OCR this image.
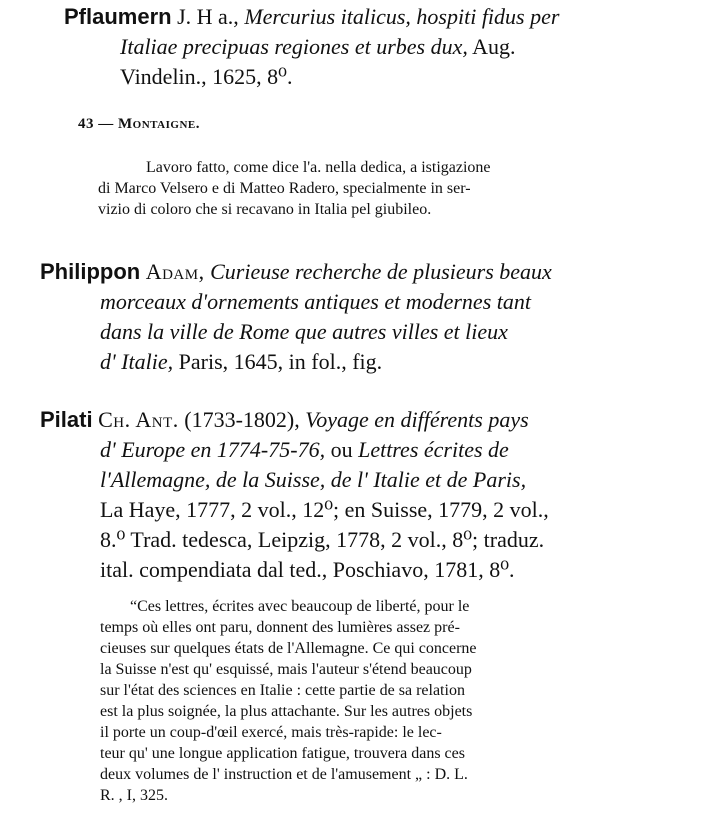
Pflaumern J. H a., Mercurius italicus, hospiti fidus per
Italiae precipuas regiones et urbes dux, Aug.
Vindelin., 1625, 8⁰.
43 — Montaigne.
Lavoro fatto, come dice l'a. nella dedica, a istigazione
di Marco Velsero e di Matteo Radero, specialmente in ser-
vizio di coloro che si recavano in Italia pel giubileo.
Philippon Adam, Curieuse recherche de plusieurs beaux
morceaux d'ornements antiques et modernes tant
dans la ville de Rome que autres villes et lieux
d' Italie, Paris, 1645, in fol., fig.
Pilati Ch. Ant. (1733-1802), Voyage en différents pays
d' Europe en 1774-75-76, ou Lettres écrites de
l'Allemagne, de la Suisse, de l' Italie et de Paris,
La Haye, 1777, 2 vol., 12⁰; en Suisse, 1779, 2 vol.,
8.⁰ Trad. tedesca, Leipzig, 1778, 2 vol., 8⁰; traduz.
ital. compendiata dal ted., Poschiavo, 1781, 8⁰.
“Ces lettres, écrites avec beaucoup de liberté, pour le
temps où elles ont paru, donnent des lumières assez pré-
cieuses sur quelques états de l'Allemagne. Ce qui concerne
la Suisse n'est qu' esquissé, mais l'auteur s'étend beaucoup
sur l'état des sciences en Italie : cette partie de sa relation
est la plus soignée, la plus attachante. Sur les autres objets
il porte un coup-d'œil exercé, mais très-rapide: le lec-
teur qu' une longue application fatigue, trouvera dans ces
deux volumes de l' instruction et de l'amusement „ : D. L.
R. , I, 325.
